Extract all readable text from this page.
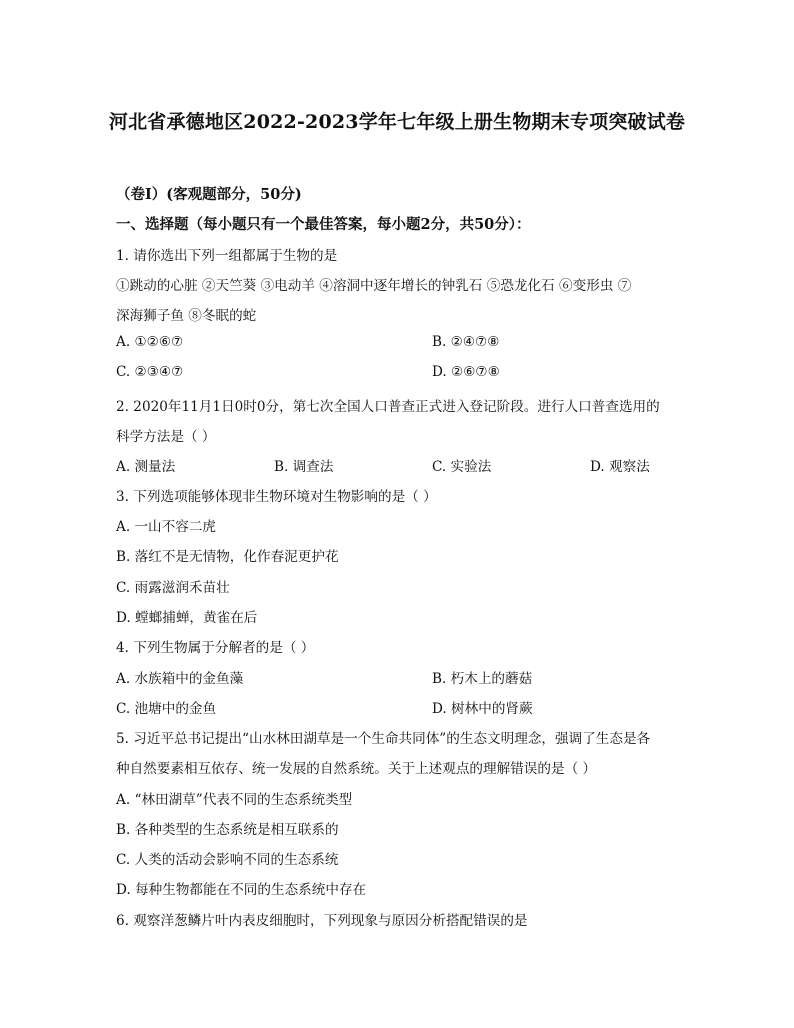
河北省承德地区2022-2023学年七年级上册生物期末专项突破试卷
（卷I）(客观题部分，50分)
一、选择题（每小题只有一个最佳答案，每小题2分，共50分）：
1. 请你选出下列一组都属于生物的是
①跳动的心脏 ②天竺葵 ③电动羊 ④溶洞中逐年增长的钟乳石 ⑤恐龙化石 ⑥变形虫 ⑦
深海狮子鱼 ⑧冬眠的蛇
A. ①②⑥⑦	B. ②④⑦⑧
C. ②③④⑦	D. ②⑥⑦⑧
2. 2020年11月1日0时0分，第七次全国人口普查正式进入登记阶段。进行人口普查选用的
科学方法是（ ）
A. 测量法	B. 调查法	C. 实验法	D. 观察法
3. 下列选项能够体现非生物环境对生物影响的是（ ）
A. 一山不容二虎
B. 落红不是无情物，化作春泥更护花
C. 雨露滋润禾苗壮
D. 螳螂捕蝉，黄雀在后
4. 下列生物属于分解者的是（ ）
A. 水族箱中的金鱼藻	B. 朽木上的蘑菇
C. 池塘中的金鱼	D. 树林中的肾蕨
5. 习近平总书记提出“山水林田湖草是一个生命共同体”的生态文明理念，强调了生态是各
种自然要素相互依存、统一发展的自然系统。关于上述观点的理解错误的是（ ）
A. “林田湖草”代表不同的生态系统类型
B. 各种类型的生态系统是相互联系的
C. 人类的活动会影响不同的生态系统
D. 每种生物都能在不同的生态系统中存在
6. 观察洋葱鳞片叶内表皮细胞时，下列现象与原因分析搭配错误的是
